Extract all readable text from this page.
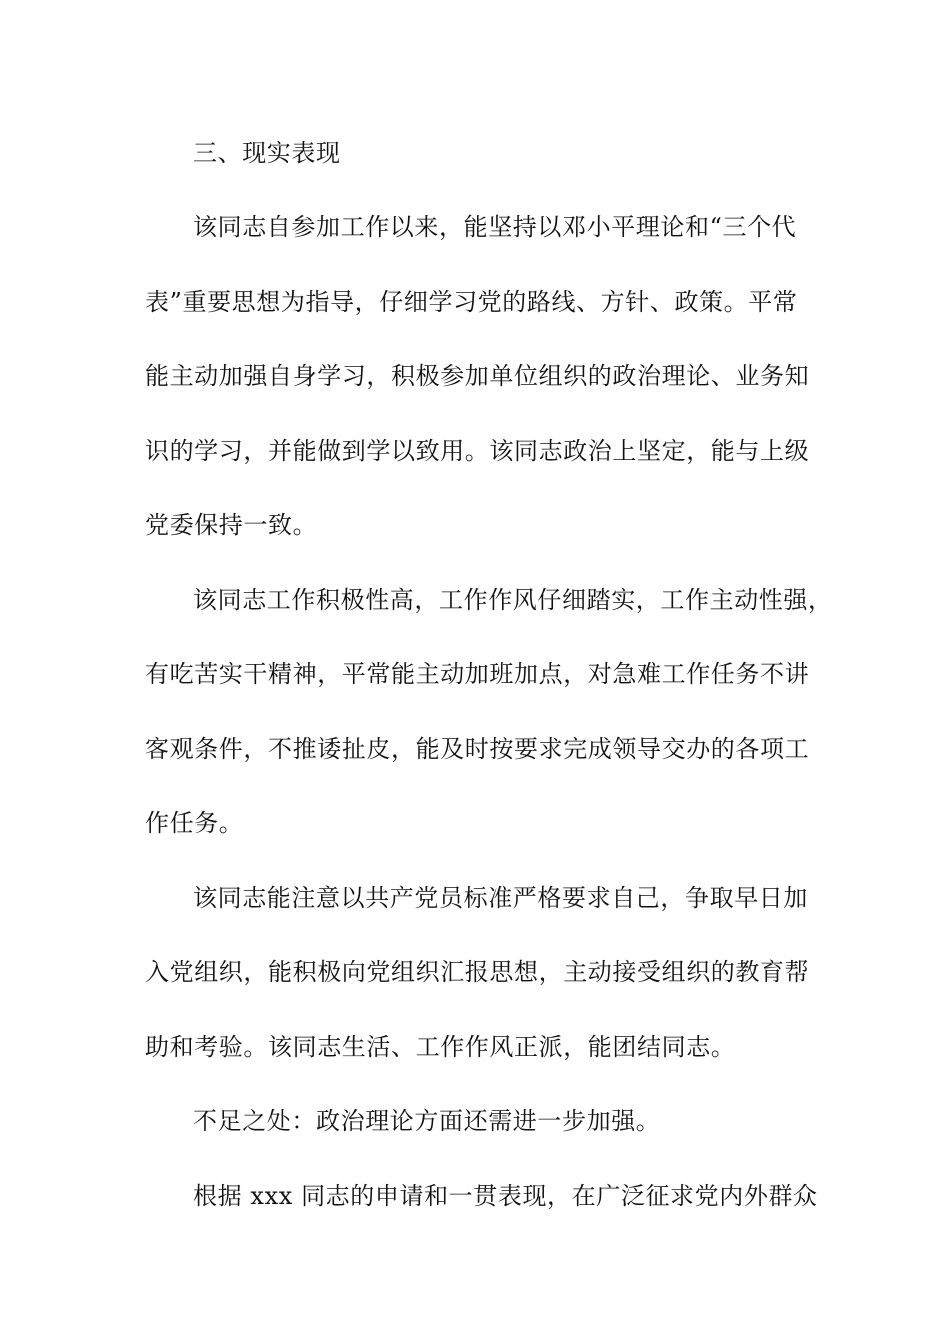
三、现实表现
该同志自参加工作以来，能坚持以邓小平理论和“三个代
表”重要思想为指导，仔细学习党的路线、方针、政策。平常
能主动加强自身学习，积极参加单位组织的政治理论、业务知
识的学习，并能做到学以致用。该同志政治上坚定，能与上级
党委保持一致。
该同志工作积极性高，工作作风仔细踏实，工作主动性强，
有吃苦实干精神，平常能主动加班加点，对急难工作任务不讲
客观条件，不推诿扯皮，能及时按要求完成领导交办的各项工
作任务。
该同志能注意以共产党员标准严格要求自己，争取早日加
入党组织，能积极向党组织汇报思想，主动接受组织的教育帮
助和考验。该同志生活、工作作风正派，能团结同志。
不足之处：政治理论方面还需进一步加强。
根据 xxx 同志的申请和一贯表现，在广泛征求党内外群众
